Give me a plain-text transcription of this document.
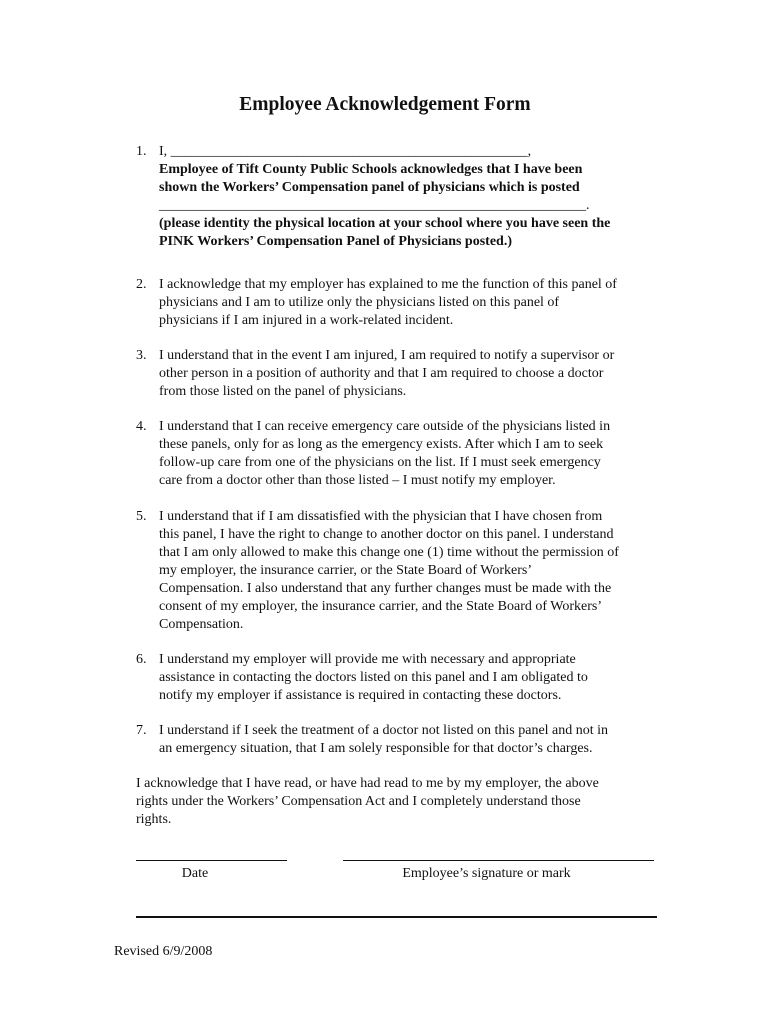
Employee Acknowledgement Form
1. I, ___________________________________________________,

Employee of Tift County Public Schools acknowledges that I have been

shown the Workers’ Compensation panel of physicians which is posted

_____________________________________________________________.

(please identity the physical location at your school where you have seen the

PINK Workers’ Compensation Panel of Physicians posted.)

2. I acknowledge that my employer has explained to me the function of this panel of

physicians and I am to utilize only the physicians listed on this panel of

physicians if I am injured in a work-related incident.

3. I understand that in the event I am injured, I am required to notify a supervisor or

other person in a position of authority and that I am required to choose a doctor

from those listed on the panel of physicians.

4. I understand that I can receive emergency care outside of the physicians listed in

these panels, only for as long as the emergency exists. After which I am to seek

follow-up care from one of the physicians on the list. If I must seek emergency

care from a doctor other than those listed – I must notify my employer.

5. I understand that if I am dissatisfied with the physician that I have chosen from

this panel, I have the right to change to another doctor on this panel. I understand

that I am only allowed to make this change one (1) time without the permission of

my employer, the insurance carrier, or the State Board of Workers’

Compensation. I also understand that any further changes must be made with the

consent of my employer, the insurance carrier, and the State Board of Workers’

Compensation.

6. I understand my employer will provide me with necessary and appropriate

assistance in contacting the doctors listed on this panel and I am obligated to

notify my employer if assistance is required in contacting these doctors.

7. I understand if I seek the treatment of a doctor not listed on this panel and not in

an emergency situation, that I am solely responsible for that doctor’s charges.

I acknowledge that I have read, or have had read to me by my employer, the above

rights under the Workers’ Compensation Act and I completely understand those

rights.

Date	Employee’s signature or mark
Revised 6/9/2008
